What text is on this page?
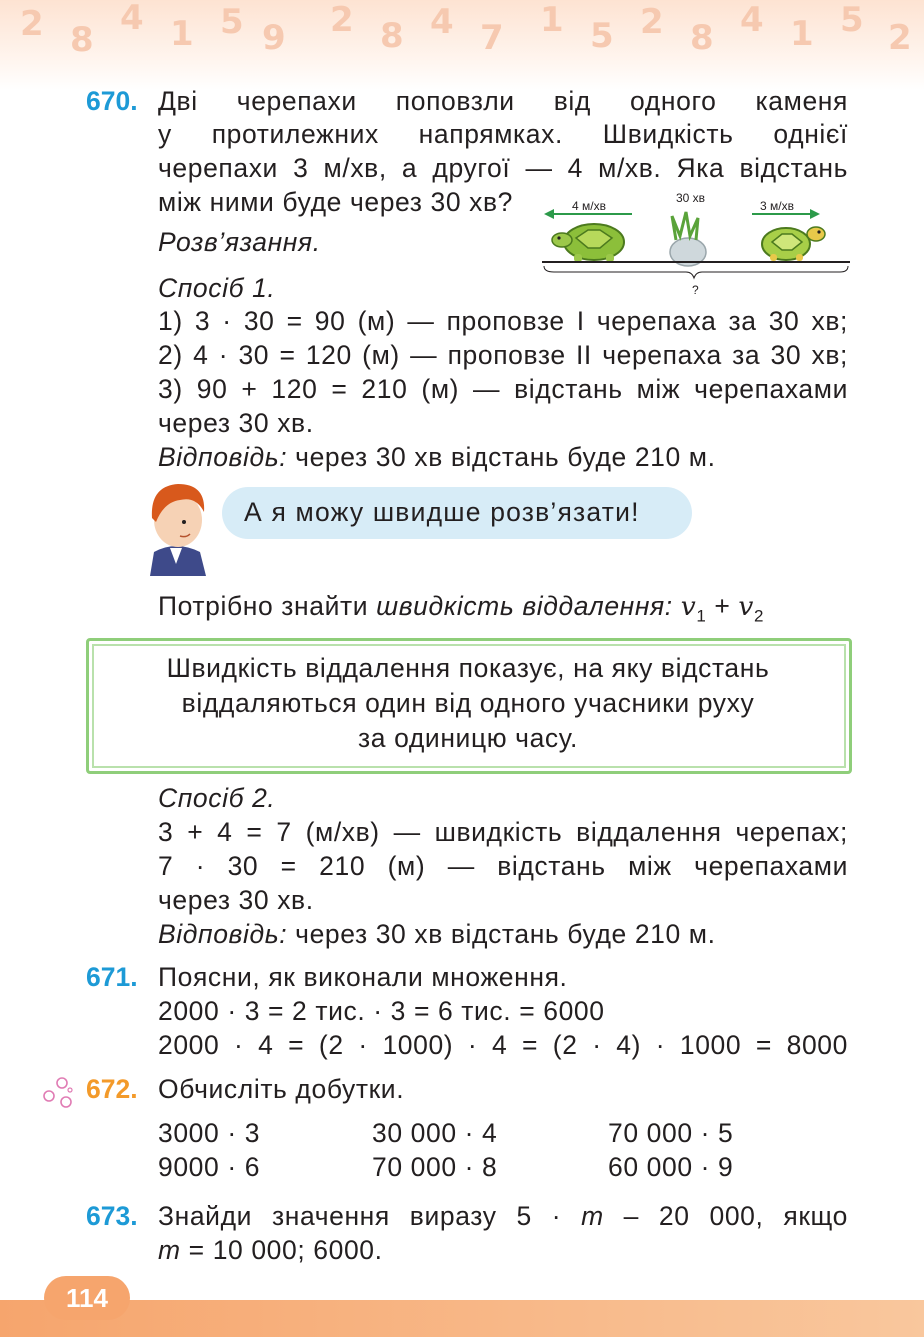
2 8
4 1 5 9 2 8 4 7 1 5 2 8 4 1 5 2
670. Дві черепахи поповзли від одного каменя
у протилежних напрямках. Швидкість однієї
черепахи 3 м/хв, а другої — 4 м/хв. Яка відстань
між ними буде через 30 хв?	4 м/хв
30 хв
3 м/хв
?
Розв’язання.
Спосіб 1.
1) 3 · 30 = 90 (м) — проповзе І черепаха за 30 хв;
2) 4 · 30 = 120 (м) — проповзе ІІ черепаха за 30 хв;
3) 90 + 120 = 210 (м) — відстань між черепахами
через 30 хв.
Відповідь: через 30 хв відстань буде 210 м.
А я можу швидше розв’язати!
Потрібно знайти швидкість віддалення: $v_1 + v_2$
Швидкість віддалення показує, на яку відстань
віддаляються один від одного учасники руху
за одиницю часу.
Спосіб 2.
3 + 4 = 7 (м/хв) — швидкість віддалення черепах;
7 · 30 = 210 (м) — відстань між черепахами
через 30 хв.
Відповідь: через 30 хв відстань буде 210 м.
671. Поясни, як виконали множення.
2000 · 3 = 2 тис. · 3 = 6 тис. = 6000
2000 · 4 = (2 · 1000) · 4 = (2 · 4) · 1000 = 8000
672. Обчисліть добутки.
3000 · 3	30 000 · 4	70 000 · 5
9000 · 6	70 000 · 8	60 000 · 9
673. Знайди значення виразу 5 · m – 20 000, якщо
m = 10 000; 6000.
114
